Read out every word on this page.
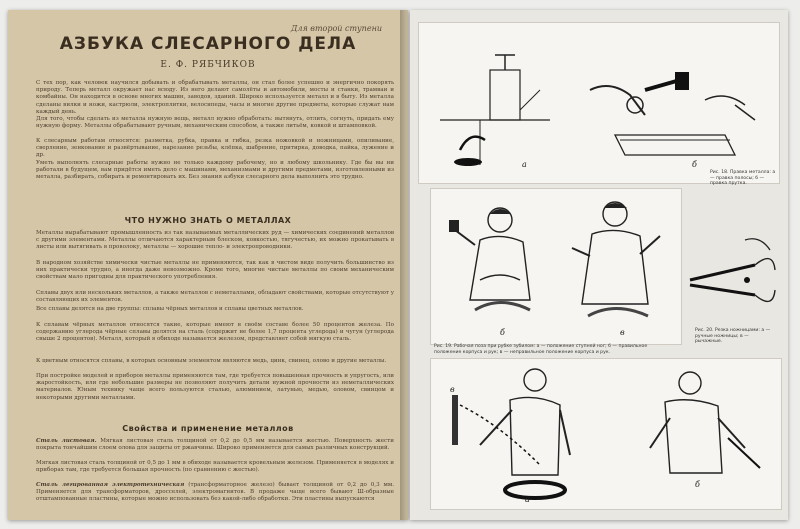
Для второй ступени
АЗБУКА СЛЕСАРНОГО ДЕЛА
Е. Ф. РЯБЧИКОВ

С тех пор, как человек научился добывать и обрабатывать металлы, он стал более успешно и энергично покорять природу. Теперь металл окружает нас всюду. Из него делают самолёты и автомобили, мосты и станки, трамваи и комбайны. Он находится в основе многих машин, заводов, зданий. Широко используется металл и в быту. Из металла сделаны вилки и ножи, кастрюли, электроплитки, велосипеды, часы и многие другие предметы, которые служат нам каждый день.

Для того, чтобы сделать из металла нужную вещь, металл нужно обработать: вытянуть, отлить, согнуть, придать ему нужную форму. Металлы обрабатывают ручным, механическим способом, а также литьём, ковкой и штамповкой.

К слесарным работам относятся: разметка, рубка, правка и гибка, резка ножовкой и ножницами, опиливание, сверление, зенкование и развёртывание, нарезание резьбы, клёпка, шабрение, притирка, доводка, пайка, лужение и др.

Уметь выполнять слесарные работы нужно не только каждому рабочему, но и любому школьнику. Где бы вы ни работали в будущем, вам придётся иметь дело с машинами, механизмами и другими предметами, изготовленными из металла, разбирать, собирать и ремонтировать их. Без знания азбуки слесарного дела выполнить это трудно.

ЧТО НУЖНО ЗНАТЬ О МЕТАЛЛАХ

Металлы вырабатывают промышленность из так называемых металлических руд — химических соединений металлов с другими элементами. Металлы отличаются характерным блеском, ковкостью, тягучестью, их можно прокатывать в листы или вытягивать в проволоку, металлы — хорошие тепло- и электропроводники.

В народном хозяйстве химически чистые металлы не применяются, так как в чистом виде получить большинство из них практически трудно, а иногда даже невозможно. Кроме того, многие чистые металлы по своим механическим свойствам мало пригодны для практического употребления.

Сплавы двух или нескольких металлов, а также металлов с неметаллами, обладают свойствами, которые отсутствуют у составляющих их элементов.

Все сплавы делятся на две группы: сплавы чёрных металлов и сплавы цветных металлов.

К сплавам чёрных металлов относятся такие, которые имеют в своём составе более 50 процентов железа. По содержанию углерода чёрные сплавы делятся на сталь (содержит не более 1,7 процента углерода) и чугун (углерода свыше 2 процентов). Металл, который в обиходе называется железом, представляет собой мягкую сталь.

К цветным относятся сплавы, в которых основным элементом являются медь, цинк, свинец, олово и другие металлы.

При постройке моделей и приборов металлы применяются там, где требуется повышенная прочность и упругость, или жаростойкость, или где небольшие размеры не позволяют получить детали нужной прочности из неметаллических материалов. Юным технику чаще всего пользуются сталью, алюминием, латунью, медью, оловом, свинцом и некоторыми другими металлами.

Свойства и применение металлов

Сталь листовая. Мягкая листовая сталь толщиной от 0,2 до 0,5 мм называется жестью. Поверхность жести покрыта тончайшим слоем олова для защиты от ржавчины. Широко применяется для самых различных конструкций.

Мягкая листовая сталь толщиной от 0,5 до 1 мм в обиходе называется кровельным железом. Применяется в моделях и приборах там, где требуется большая прочность (по сравнению с жестью).

Сталь легированная электротехническая (трансформаторное железо) бывает толщиной от 0,2 до 0,3 мм. Применяется для трансформаторов, дросселей, электромагнитов. В продаже чаще всего бывают Ш-образные отштампованные пластины, которые можно использовать без какой-либо обработки. Эти пластины выпускаются

а	б
Рис. 18. Правка металла: а — правка полосы; б — правка прутка.
б	в
Рис. 19. Рабочая поза при рубке зубилом: а — положение ступней ног; б — правильное положение корпуса и рук; в — неправильное положение корпуса и рук.
Рис. 20. Резка ножницами: а — ручные ножницы; в — рычажные.
в
а
б
